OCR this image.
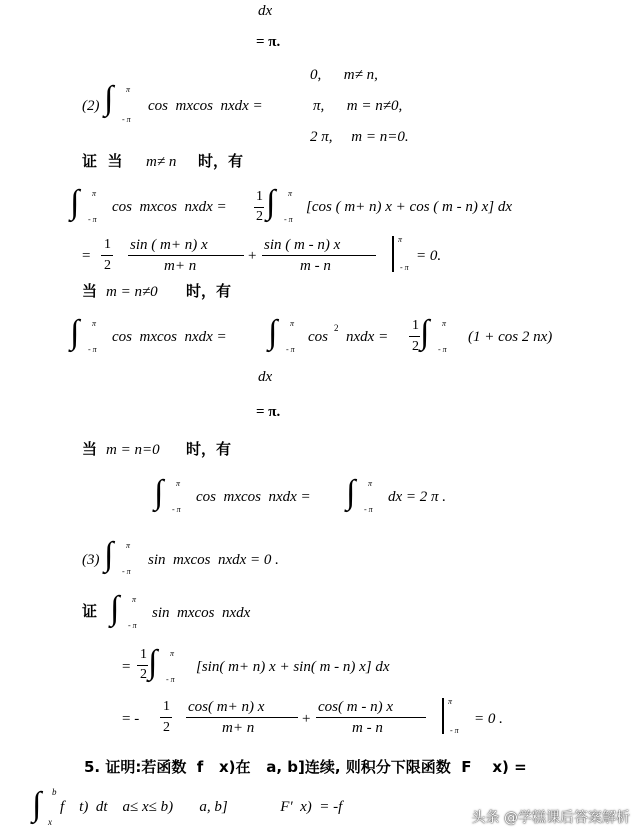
dx
= π.
0,      m≠ n,
(2) ∫ π
- π
cos  mxcos  nxdx =	π,      m = n≠0,
2 π,     m = n=0.
证  当 m≠ n 时，有
∫ π
- π
cos  mxcos  nxdx =
1
2 ∫ π
- π
[cos ( m+ n) x + cos ( m - n) x] dx
=
1
2
sin ( m+ n) x
m+ n
+
sin ( m - n) x
m - n
π
- π
= 0.
当 m = n≠0 时，有
∫ π
- π
cos  mxcos  nxdx = ∫ π
- π
cos
2
nxdx =
1
2 ∫ π
- π
(1 + cos 2 nx)
dx
= π.
当 m = n=0 时，有
∫ π
- π
cos  mxcos  nxdx = ∫ π
- π
dx = 2 π .
(3) ∫ π
- π
sin  mxcos  nxdx = 0 .
证 ∫ π
- π
sin  mxcos  nxdx
=
1
2 ∫ π
- π
[sin( m+ n) x + sin( m - n) x] dx
= -
1
2
cos( m+ n) x
m+ n
+
cos( m - n) x
m - n
π
- π
= 0 .
5. 证明:若函数  f   x)在   a, b]连续, 则积分下限函数  F    x) =
∫ b
x
f    t)  dt    a≤ x≤ b)       a, b]              F′  x)  = -f
头条 @学糕课后答案解析
